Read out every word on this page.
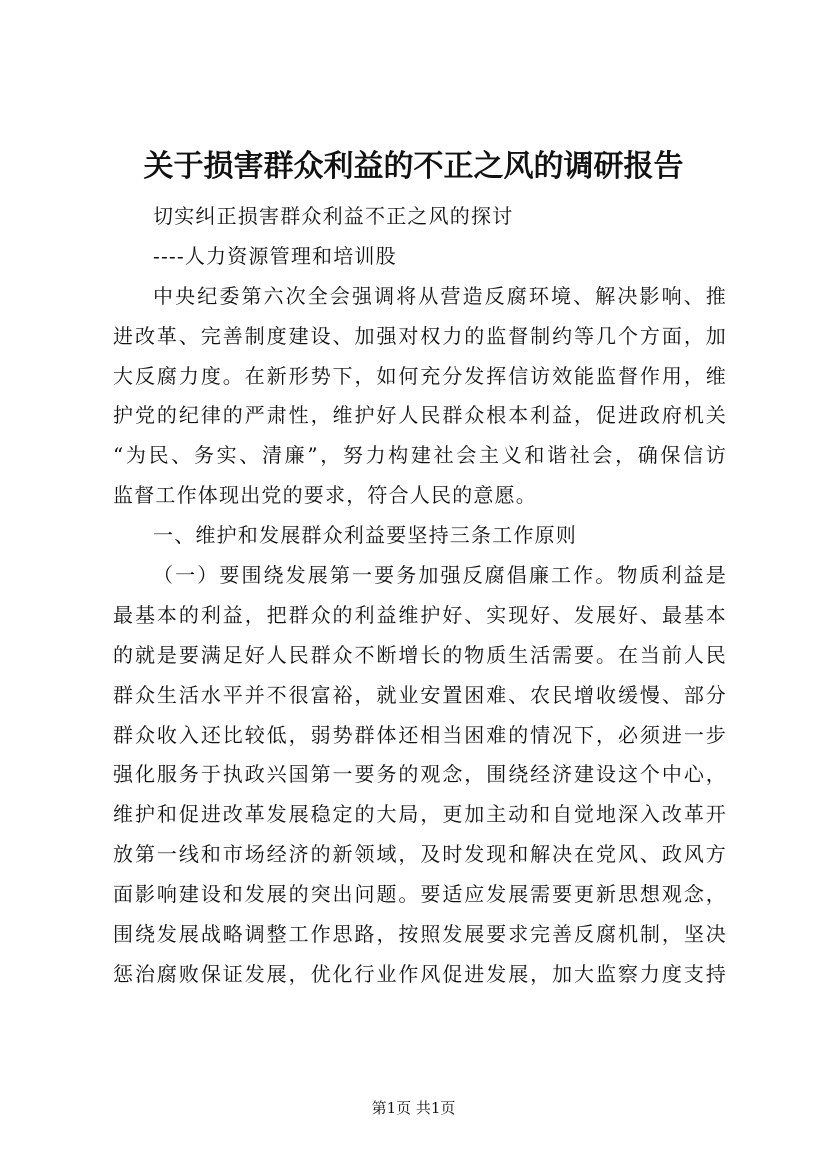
关于损害群众利益的不正之风的调研报告
切实纠正损害群众利益不正之风的探讨
----人力资源管理和培训股
中央纪委第六次全会强调将从营造反腐环境、解决影响、推
进改革、完善制度建设、加强对权力的监督制约等几个方面，加
大反腐力度。在新形势下，如何充分发挥信访效能监督作用，维
护党的纪律的严肃性，维护好人民群众根本利益，促进政府机关
“为民、务实、清廉”，努力构建社会主义和谐社会，确保信访
监督工作体现出党的要求，符合人民的意愿。
一、维护和发展群众利益要坚持三条工作原则
（一）要围绕发展第一要务加强反腐倡廉工作。物质利益是
最基本的利益，把群众的利益维护好、实现好、发展好、最基本
的就是要满足好人民群众不断增长的物质生活需要。在当前人民
群众生活水平并不很富裕，就业安置困难、农民增收缓慢、部分
群众收入还比较低，弱势群体还相当困难的情况下，必须进一步
强化服务于执政兴国第一要务的观念，围绕经济建设这个中心，
维护和促进改革发展稳定的大局，更加主动和自觉地深入改革开
放第一线和市场经济的新领域，及时发现和解决在党风、政风方
面影响建设和发展的突出问题。要适应发展需要更新思想观念，
围绕发展战略调整工作思路，按照发展要求完善反腐机制，坚决
惩治腐败保证发展，优化行业作风促进发展，加大监察力度支持
第1页 共1页
